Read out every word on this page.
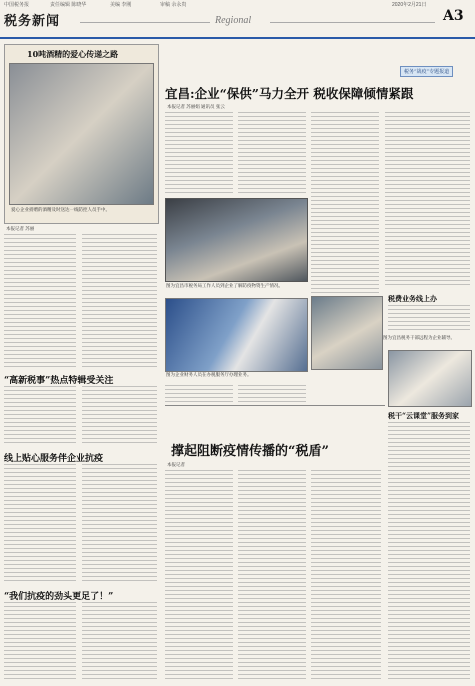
中国税务报	责任编辑 陈晓华	美编 李刚	审稿 余永贵	2020年2月21日
税务新闻	Regional	A3
10吨酒精的爱心传递之路
爱心企业捐赠的酒精及时送达一线防控人员手中。
本报记者 苏丽
“高新税事”热点特辑受关注
线上贴心服务伴企业抗疫
“我们抗疫的劲头更足了！”
税务“战疫”专题报道
宜昌:企业“保供”马力全开 税收保障倾情紧跟
本报记者 苏丽娟 通讯员 张云
图为宜昌市税务局工作人员到企业了解防疫物资生产情况。
图为企业财务人员在办税服务厅办理业务。
图为宜昌税务干部远程为企业辅导。
税费业务线上办
税干“云课堂”服务到家
撑起阻断疫情传播的“税盾”
本报记者
